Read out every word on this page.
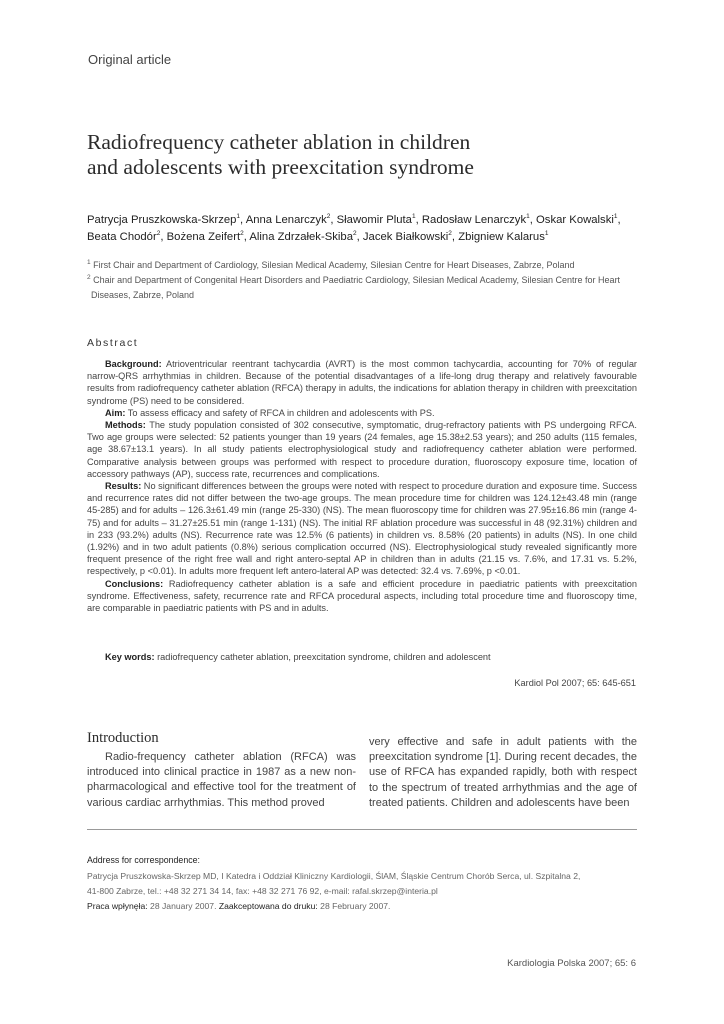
Original article
Radiofrequency catheter ablation in children
and adolescents with preexcitation syndrome
Patrycja Pruszkowska-Skrzep$^1$, Anna Lenarczyk$^2$, Sławomir Pluta$^1$, Radosław Lenarczyk$^1$, Oskar Kowalski$^1$,
Beata Chodór$^2$, Bożena Zeifert$^2$, Alina Zdrzałek-Skiba$^2$, Jacek Białkowski$^2$, Zbigniew Kalarus$^1$
$^1$ First Chair and Department of Cardiology, Silesian Medical Academy, Silesian Centre for Heart Diseases, Zabrze, Poland
$^2$ Chair and Department of Congenital Heart Disorders and Paediatric Cardiology, Silesian Medical Academy, Silesian Centre for Heart
Diseases, Zabrze, Poland
Abstract

Background: Atrioventricular reentrant tachycardia (AVRT) is the most common tachycardia, accounting for 70% of regular narrow-QRS arrhythmias in children. Because of the potential disadvantages of a life-long drug therapy and relatively favourable results from radiofrequency catheter ablation (RFCA) therapy in adults, the indications for ablation therapy in children with preexcitation syndrome (PS) need to be considered.

Aim: To assess efficacy and safety of RFCA in children and adolescents with PS.

Methods: The study population consisted of 302 consecutive, symptomatic, drug-refractory patients with PS undergoing RFCA. Two age groups were selected: 52 patients younger than 19 years (24 females, age 15.38±2.53 years); and 250 adults (115 females, age 38.67±13.1 years). In all study patients electrophysiological study and radiofrequency catheter ablation were performed. Comparative analysis between groups was performed with respect to procedure duration, fluoroscopy exposure time, location of accessory pathways (AP), success rate, recurrences and complications.

Results: No significant differences between the groups were noted with respect to procedure duration and exposure time. Success and recurrence rates did not differ between the two-age groups. The mean procedure time for children was 124.12±43.48 min (range 45-285) and for adults – 126.3±61.49 min (range 25-330) (NS). The mean fluoroscopy time for children was 27.95±16.86 min (range 4-75) and for adults – 31.27±25.51 min (range 1-131) (NS). The initial RF ablation procedure was successful in 48 (92.31%) children and in 233 (93.2%) adults (NS). Recurrence rate was 12.5% (6 patients) in children vs. 8.58% (20 patients) in adults (NS). In one child (1.92%) and in two adult patients (0.8%) serious complication occurred (NS). Electrophysiological study revealed significantly more frequent presence of the right free wall and right antero-septal AP in children than in adults (21.15 vs. 7.6%, and 17.31 vs. 5.2%, respectively, p <0.01). In adults more frequent left antero-lateral AP was detected: 32.4 vs. 7.69%, p <0.01.

Conclusions: Radiofrequency catheter ablation is a safe and efficient procedure in paediatric patients with preexcitation syndrome. Effectiveness, safety, recurrence rate and RFCA procedural aspects, including total procedure time and fluoroscopy time, are comparable in paediatric patients with PS and in adults.

Key words: radiofrequency catheter ablation, preexcitation syndrome, children and adolescent
Kardiol Pol 2007; 65: 645-651
Introduction

Radio-frequency catheter ablation (RFCA) was introduced into clinical practice in 1987 as a new non-pharmacological and effective tool for the treatment of various cardiac arrhythmias. This method proved

very effective and safe in adult patients with the preexcitation syndrome [1]. During recent decades, the use of RFCA has expanded rapidly, both with respect to the spectrum of treated arrhythmias and the age of treated patients. Children and adolescents have been

Address for correspondence:
Patrycja Pruszkowska-Skrzep MD, I Katedra i Oddział Kliniczny Kardiologii, ŚlAM, Śląskie Centrum Chorób Serca, ul. Szpitalna 2,
41-800 Zabrze, tel.: +48 32 271 34 14, fax: +48 32 271 76 92, e-mail: rafal.skrzep@interia.pl
Praca wpłynęła: 28 January 2007. Zaakceptowana do druku: 28 February 2007.
Kardiologia Polska 2007; 65: 6
